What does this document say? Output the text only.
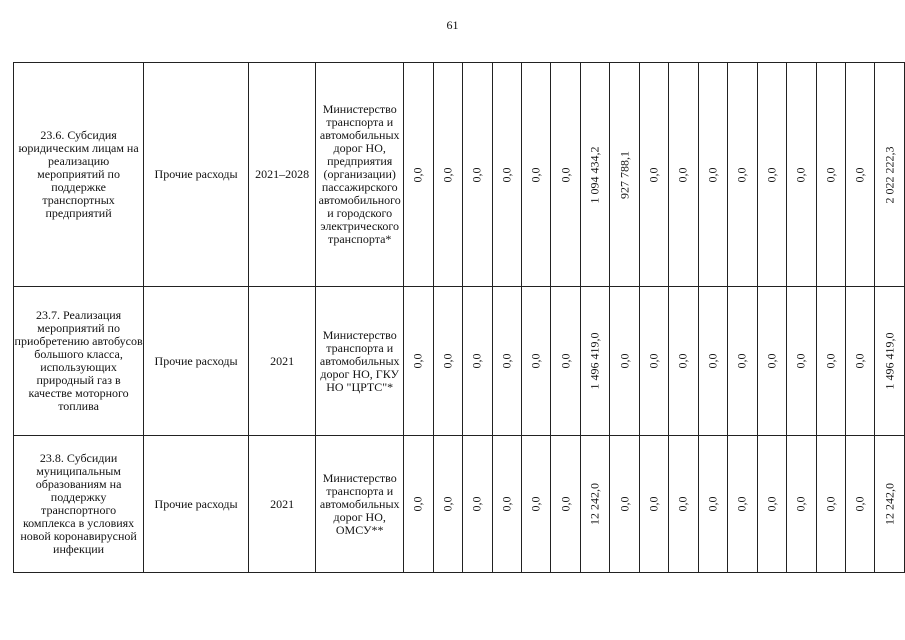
61
23.6. Субсидия юридическим лицам на реализацию мероприятий по поддержке транспортных предприятий	Прочие расходы	2021–2028	Министерство транспорта и автомобильных дорог НО, предприятия (организации) пассажирского автомобильного и городского электрического транспорта*	0,0	0,0	0,0	0,0	0,0	0,0	1 094 434,2	927 788,1	0,0	0,0	0,0	0,0	0,0	0,0	0,0	0,0	2 022 222,3

23.7. Реализация мероприятий по приобретению автобусов большого класса, использующих природный газ в качестве моторного топлива	Прочие расходы	2021	Министерство транспорта и автомобильных дорог НО, ГКУ НО "ЦРТС"*	0,0	0,0	0,0	0,0	0,0	0,0	1 496 419,0	0,0	0,0	0,0	0,0	0,0	0,0	0,0	0,0	0,0	1 496 419,0

23.8. Субсидии муниципальным образованиям на поддержку транспортного комплекса в условиях новой коронавирусной инфекции	Прочие расходы	2021	Министерство транспорта и автомобильных дорог НО, ОМСУ**	0,0	0,0	0,0	0,0	0,0	0,0	12 242,0	0,0	0,0	0,0	0,0	0,0	0,0	0,0	0,0	0,0	12 242,0
